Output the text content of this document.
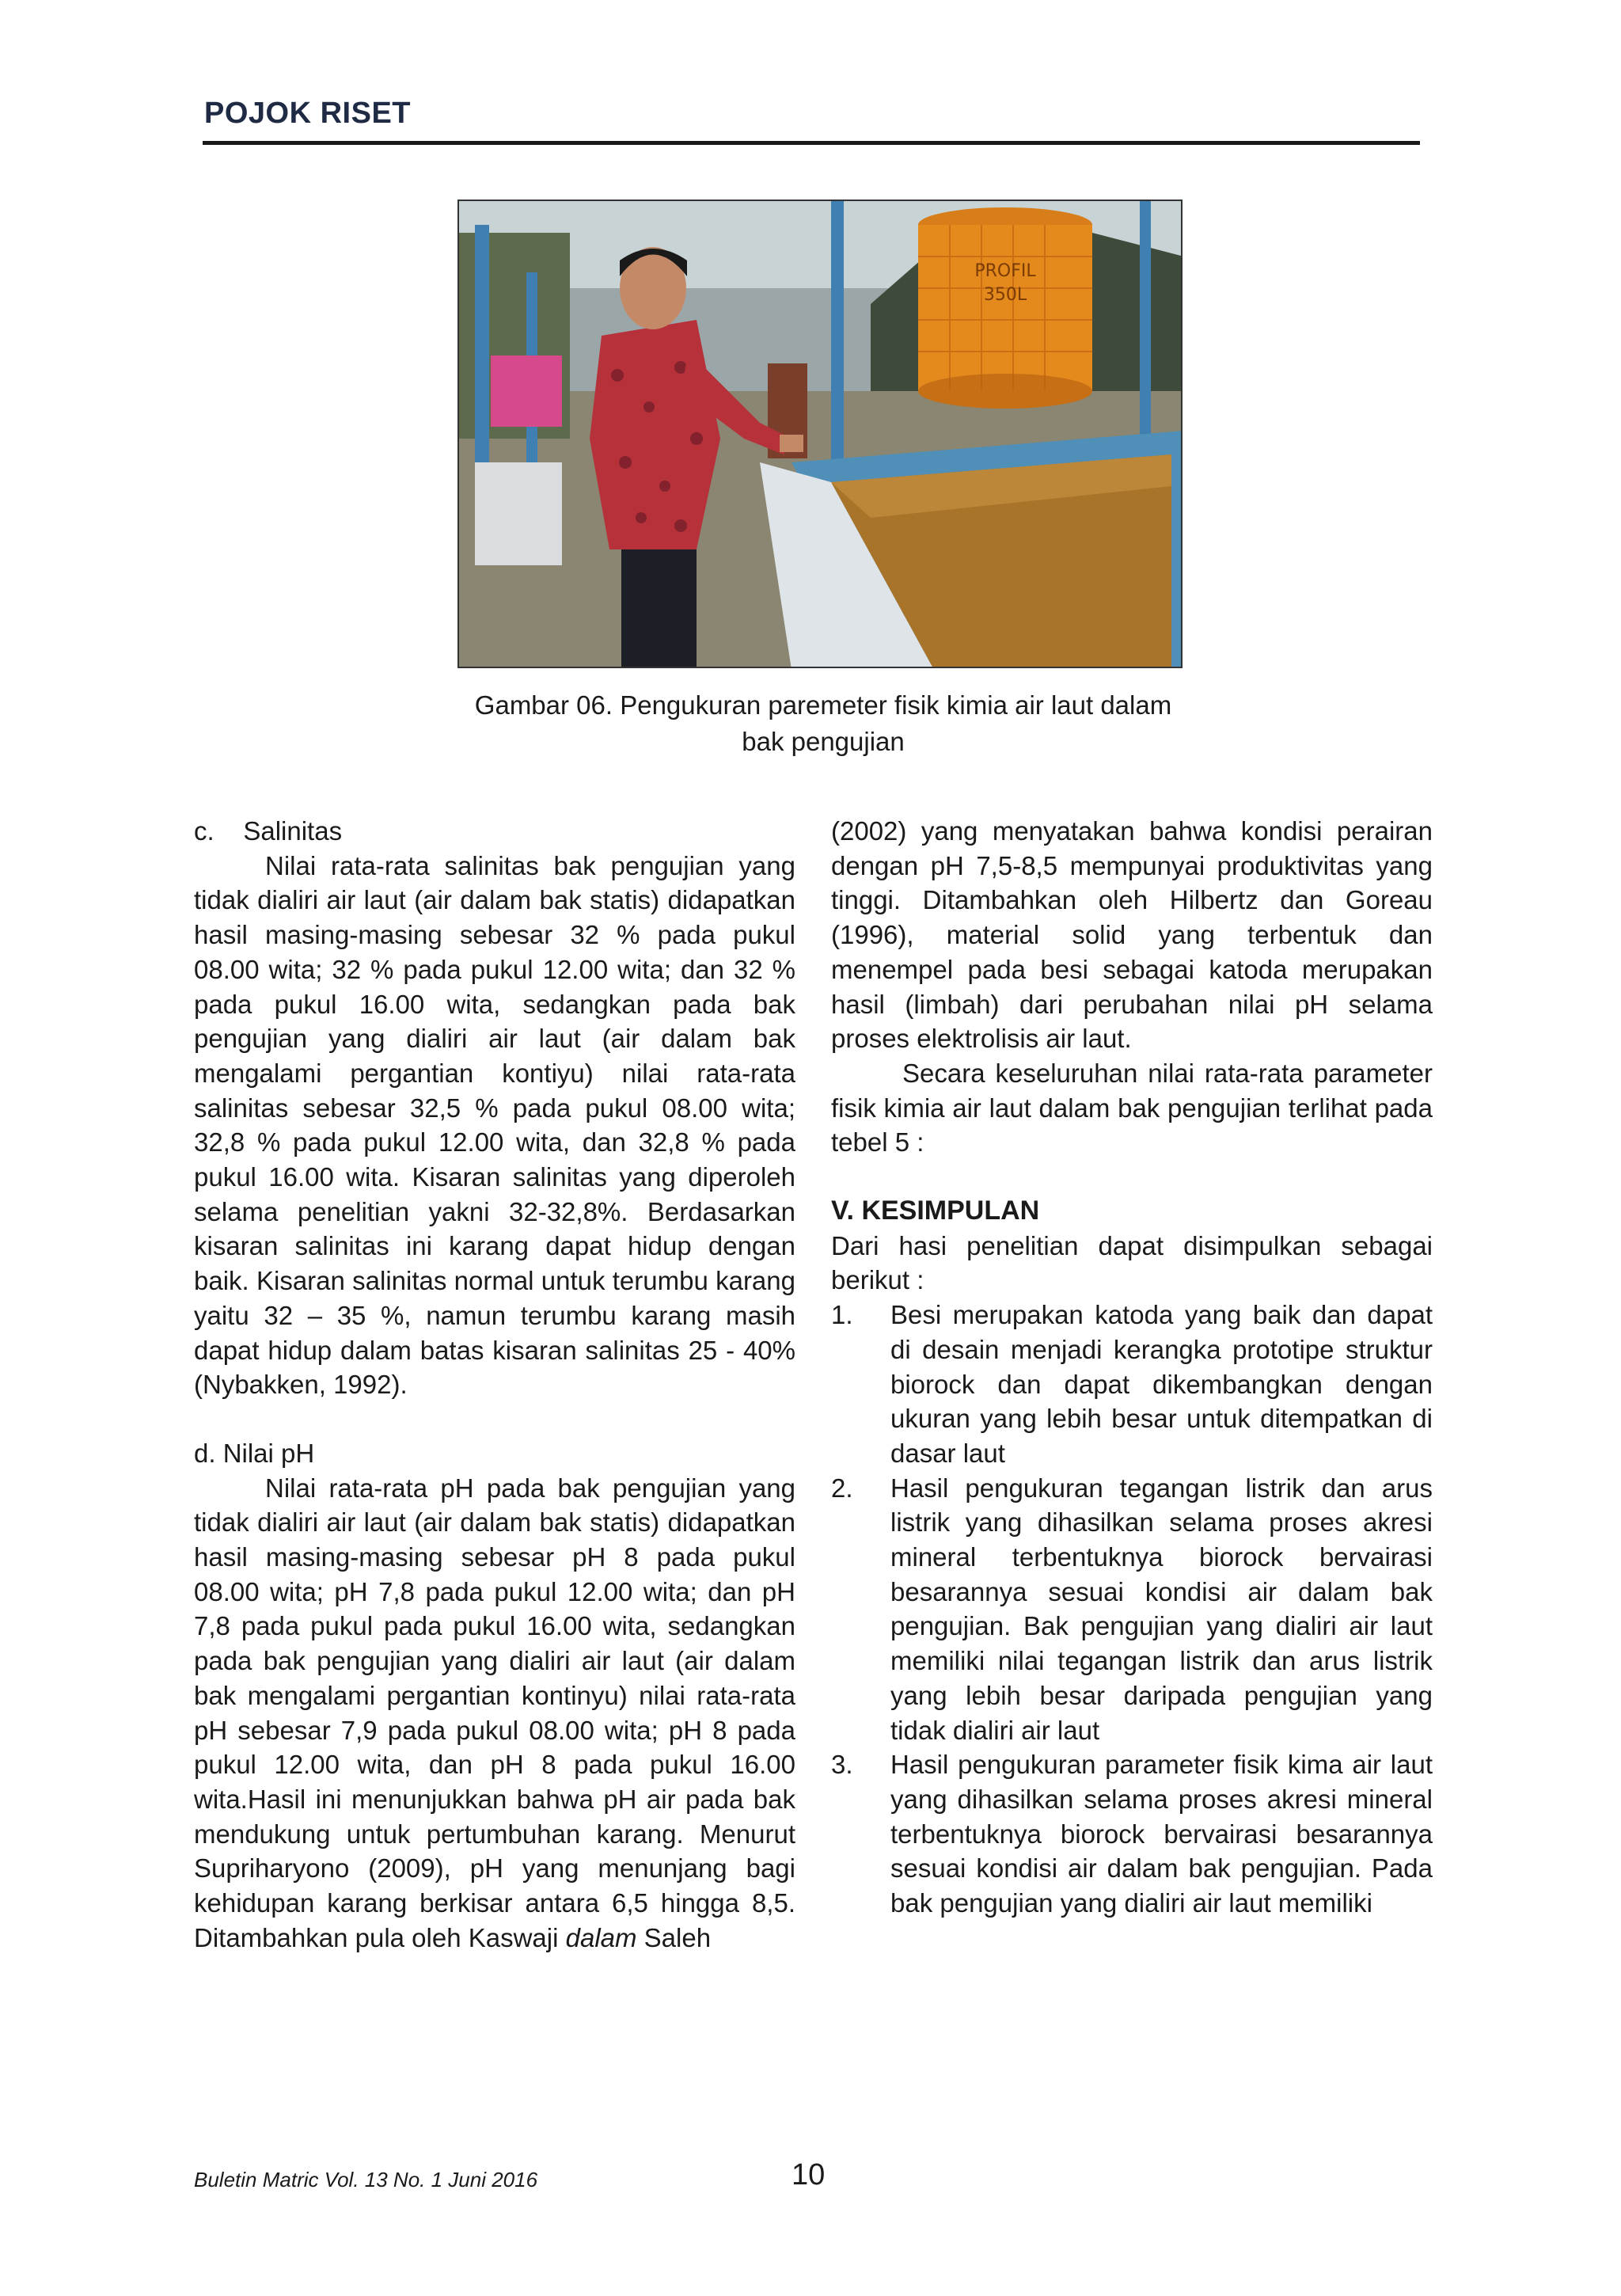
POJOK RISET
PROFIL
350L
Gambar 06. Pengukuran paremeter fisik kimia air laut dalam
bak pengujian

c.    Salinitas

Nilai rata-rata salinitas bak pengujian yang tidak dialiri air laut (air dalam bak statis) didapatkan hasil masing-masing sebesar 32 % pada pukul 08.00 wita; 32 % pada pukul 12.00 wita; dan 32 % pada pukul 16.00 wita, sedangkan pada bak pengujian yang dialiri air laut (air dalam bak mengalami pergantian kontiyu) nilai rata-rata salinitas sebesar 32,5 % pada pukul 08.00 wita; 32,8 % pada pukul 12.00 wita, dan 32,8 % pada pukul 16.00 wita. Kisaran salinitas yang diperoleh selama penelitian yakni 32-32,8%. Berdasarkan kisaran salinitas ini karang dapat hidup dengan baik. Kisaran salinitas normal untuk terumbu karang yaitu 32 – 35 %, namun terumbu karang masih dapat hidup dalam batas kisaran salinitas 25 - 40% (Nybakken, 1992).

d. Nilai pH

Nilai rata-rata pH pada bak pengujian yang tidak dialiri air laut (air dalam bak statis) didapatkan hasil masing-masing sebesar pH 8 pada pukul 08.00 wita; pH 7,8 pada pukul 12.00 wita; dan pH 7,8 pada pukul pada pukul 16.00 wita, sedangkan pada bak pengujian yang dialiri air laut (air dalam bak mengalami pergantian kontinyu) nilai rata-rata pH sebesar 7,9 pada pukul 08.00 wita; pH 8 pada pukul 12.00 wita, dan pH 8 pada pukul 16.00 wita.Hasil ini menunjukkan bahwa pH air pada bak mendukung untuk pertumbuhan karang. Menurut Supriharyono (2009), pH yang menunjang bagi kehidupan karang berkisar antara 6,5 hingga 8,5. Ditambahkan pula oleh Kaswaji dalam Saleh

(2002) yang menyatakan bahwa kondisi perairan dengan pH 7,5-8,5 mempunyai produktivitas yang tinggi. Ditambahkan oleh Hilbertz dan Goreau (1996), material solid yang terbentuk dan menempel pada besi sebagai katoda merupakan hasil (limbah) dari perubahan nilai pH selama proses elektrolisis air laut.

Secara keseluruhan nilai rata-rata parameter fisik kimia air laut dalam bak pengujian terlihat pada tebel 5 :

V. KESIMPULAN

Dari hasi penelitian dapat disimpulkan sebagai berikut :

1. Besi merupakan katoda yang baik dan dapat di desain menjadi kerangka prototipe struktur biorock dan dapat dikembangkan dengan ukuran yang lebih besar untuk ditempatkan di dasar laut
2. Hasil pengukuran tegangan listrik dan arus listrik yang dihasilkan selama proses akresi mineral terbentuknya biorock bervairasi besarannya sesuai kondisi air dalam bak pengujian. Bak pengujian yang dialiri air laut memiliki nilai tegangan listrik dan arus listrik yang lebih besar daripada pengujian yang tidak dialiri air laut
3. Hasil pengukuran parameter fisik kima air laut yang dihasilkan selama proses akresi mineral terbentuknya biorock bervairasi besarannya sesuai kondisi air dalam bak pengujian. Pada bak pengujian yang dialiri air laut memiliki
Buletin Matric Vol. 13 No. 1 Juni 2016	10
